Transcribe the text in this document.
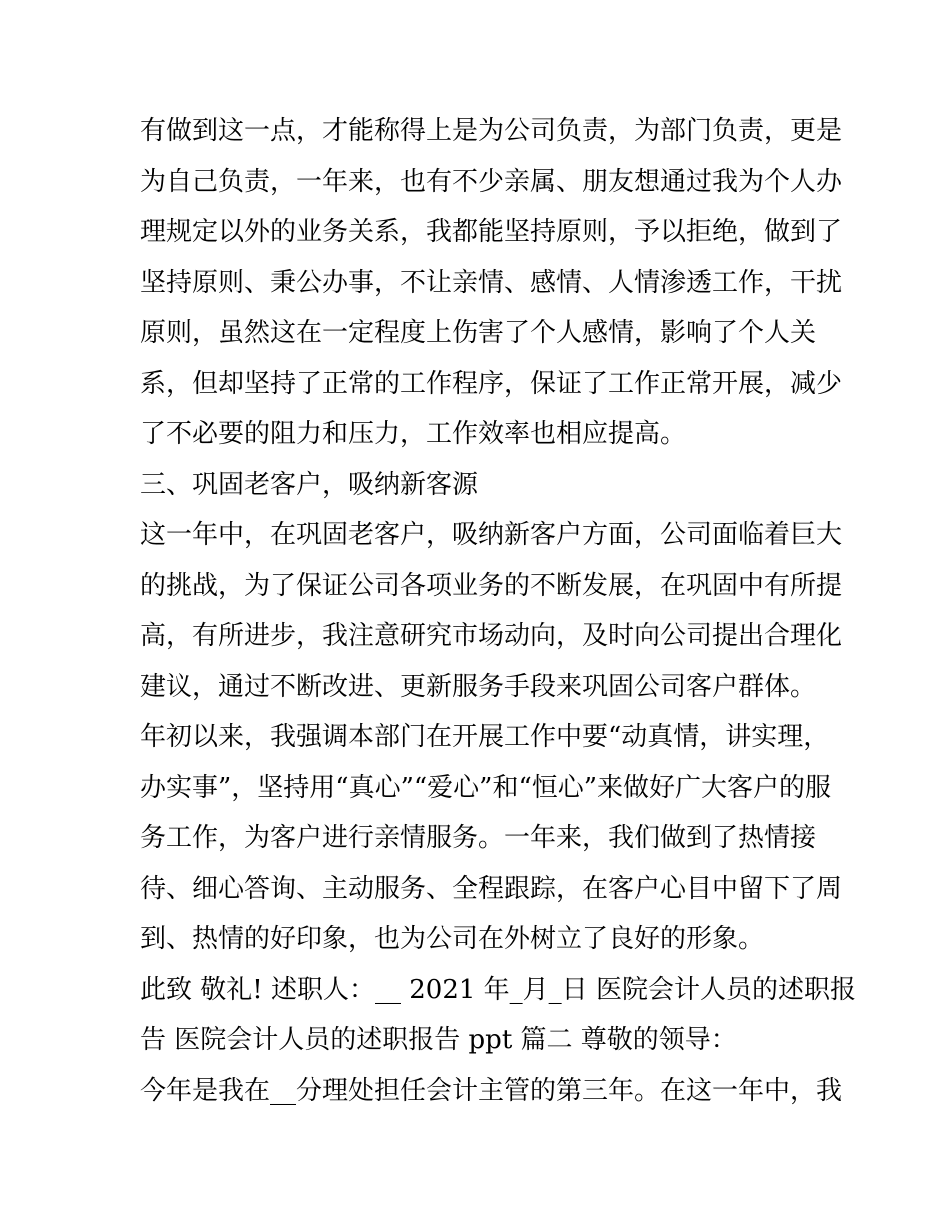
有做到这一点，才能称得上是为公司负责，为部门负责，更是
为自己负责，一年来，也有不少亲属、朋友想通过我为个人办
理规定以外的业务关系，我都能坚持原则，予以拒绝，做到了
坚持原则、秉公办事，不让亲情、感情、人情渗透工作，干扰
原则，虽然这在一定程度上伤害了个人感情，影响了个人关
系，但却坚持了正常的工作程序，保证了工作正常开展，减少
了不必要的阻力和压力，工作效率也相应提高。
三、巩固老客户，吸纳新客源
这一年中，在巩固老客户，吸纳新客户方面，公司面临着巨大
的挑战，为了保证公司各项业务的不断发展，在巩固中有所提
高，有所进步，我注意研究市场动向，及时向公司提出合理化
建议，通过不断改进、更新服务手段来巩固公司客户群体。
年初以来，我强调本部门在开展工作中要“动真情，讲实理，
办实事”，坚持用“真心”“爱心”和“恒心”来做好广大客户的服
务工作，为客户进行亲情服务。一年来，我们做到了热情接
待、细心答询、主动服务、全程跟踪，在客户心目中留下了周
到、热情的好印象，也为公司在外树立了良好的形象。
此致 敬礼! 述职人：__ 2021 年_月_日 医院会计人员的述职报
告 医院会计人员的述职报告 ppt 篇二 尊敬的领导：
今年是我在__分理处担任会计主管的第三年。在这一年中，我
